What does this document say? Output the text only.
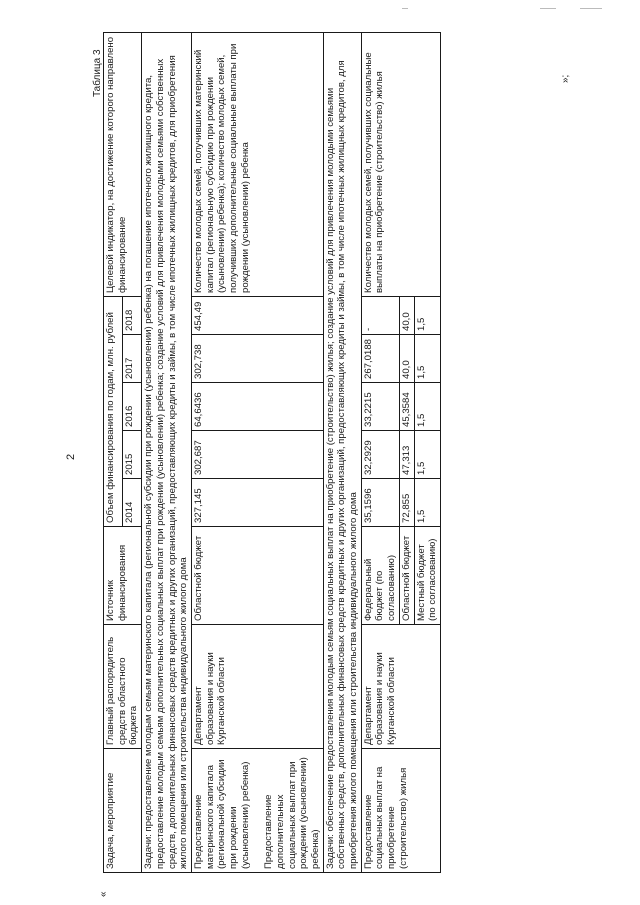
2
Таблица 3
«
Задача, мероприятие	Главный распорядитель средств областного бюджета	Источник финансирования	Объем финансирования по годам, млн. рублей					Целевой индикатор, на достижение которого направлено финансирование
			2014	2015	2016	2017	2018	
Задачи: предоставление молодым семьям материнского капитала (региональной субсидии при рождении (усыновлении) ребенка) на погашение ипотечного жилищного кредита, предоставление молодым семьям дополнительных социальных выплат при рождении (усыновлении) ребенка; создание условий для привлечения молодыми семьями собственных средств, дополнительных финансовых средств кредитных и других организаций, предоставляющих кредиты и займы, в том числе ипотечных жилищных кредитов, для приобретения жилого помещения или строительства индивидуального жилого дома								
Предоставление материнского капитала (региональной субсидии при рождении (усыновлении) ребенка) Предоставление дополнительных социальных выплат при рождении (усыновлении) ребенка)	Департамент образования и науки Курганской области	Областной бюджет	327,145	302,687	64,6436	302,738	454,49	Количество молодых семей, получивших материнский капитал (региональную субсидию при рождении (усыновлении) ребенка); количество молодых семей, получивших дополнительные социальные выплаты при рождении (усыновлении) ребенка
Задачи: обеспечение предоставления молодым семьям социальных выплат на приобретение (строительство) жилья; создание условий для привлечения молодыми семьями собственных средств, дополнительных финансовых средств кредитных и других организаций, предоставляющих кредиты и займы, в том числе ипотечных жилищных кредитов, для приобретения жилого помещения или строительства индивидуального жилого дома								
Предоставление социальных выплат на приобретение (строительство) жилья	Департамент образования и науки Курганской области	Федеральный бюджет (по согласованию)	35,1596	32,2929	33,2215	267,0188	-	Количество молодых семей, получивших социальные выплаты на приобретение (строительство) жилья
		Областной бюджет	72,855	47,313	45,3584	40,0	40,0	
		Местный бюджет (по согласованию)	1,5	1,5	1,5	1,5	1,5	
»;
